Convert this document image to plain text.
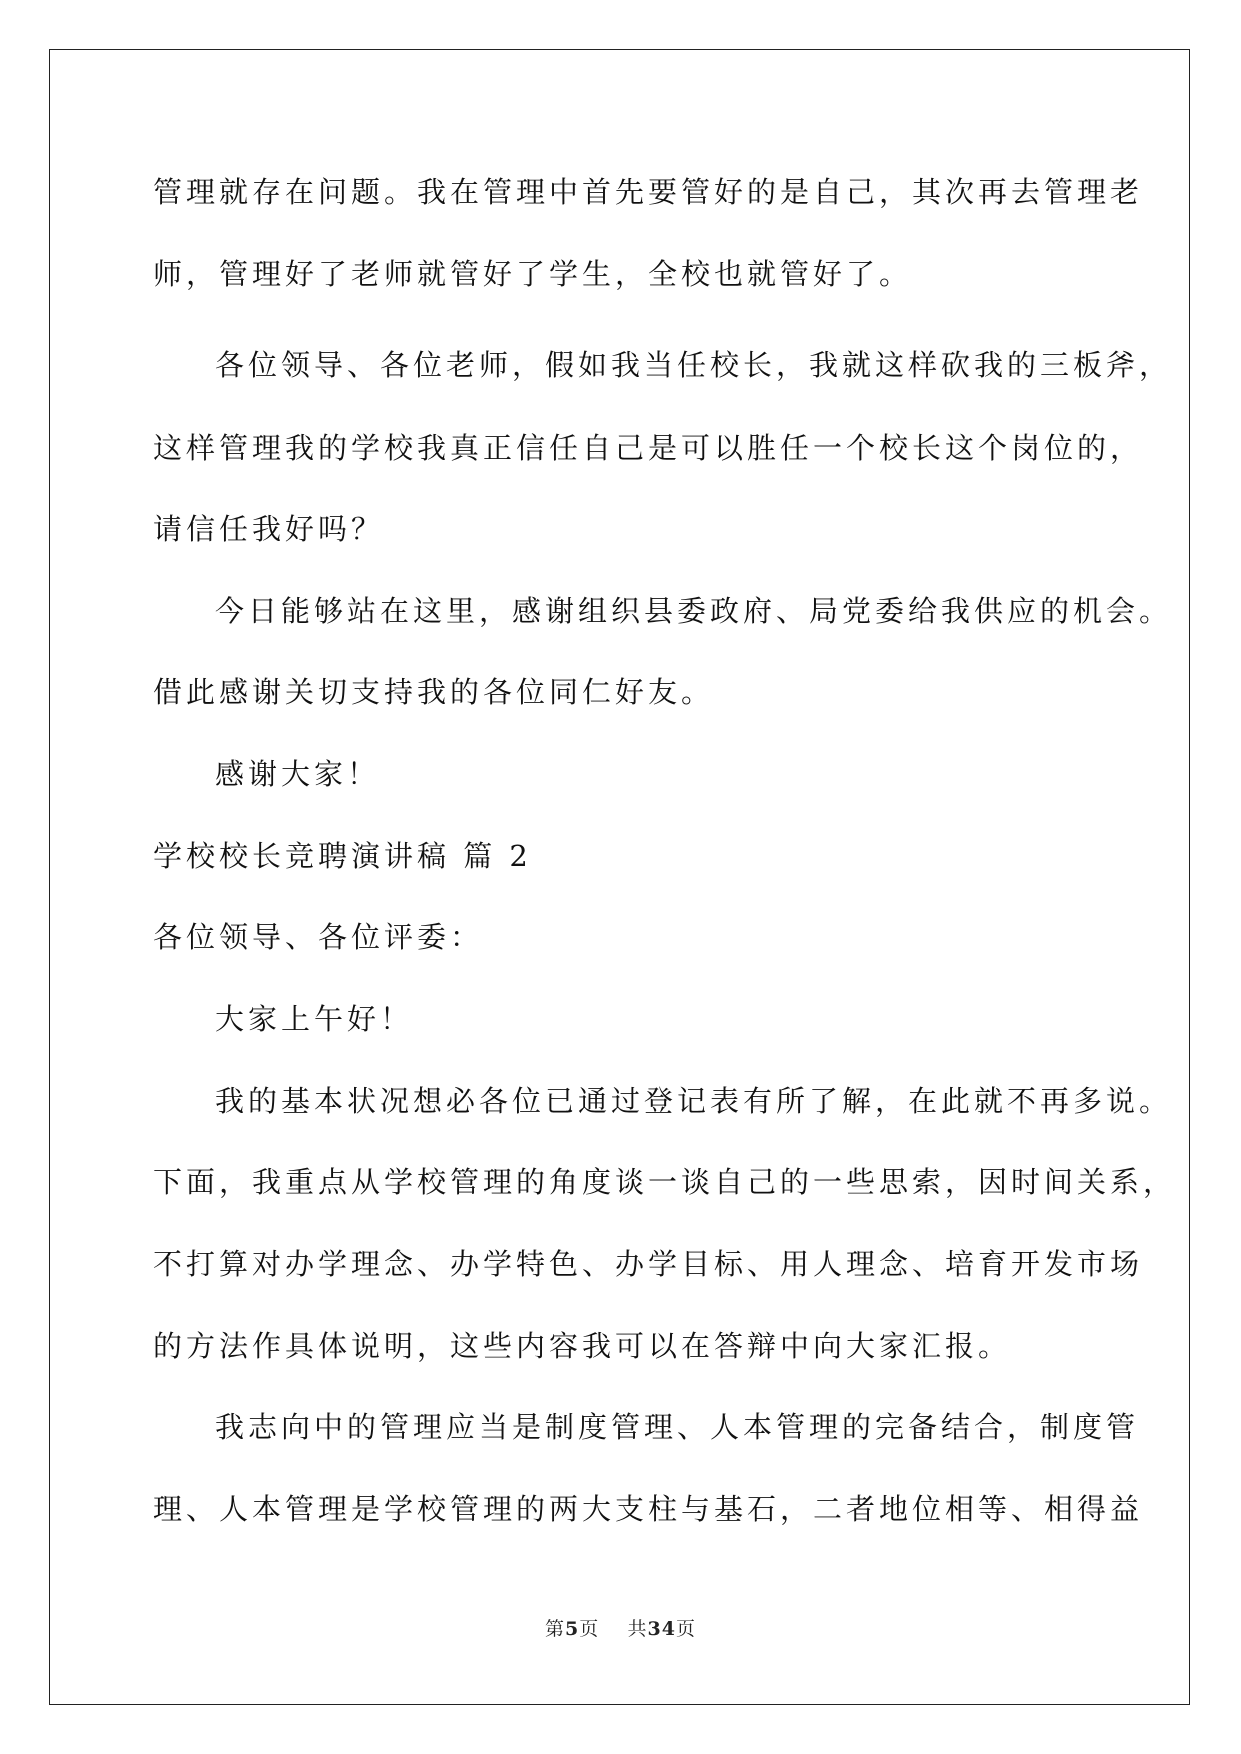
管理就存在问题。我在管理中首先要管好的是自己，其次再去管理老
师，管理好了老师就管好了学生，全校也就管好了。
各位领导、各位老师，假如我当任校长，我就这样砍我的三板斧，
这样管理我的学校我真正信任自己是可以胜任一个校长这个岗位的，
请信任我好吗？
今日能够站在这里，感谢组织县委政府、局党委给我供应的机会。
借此感谢关切支持我的各位同仁好友。
感谢大家！
学校校长竞聘演讲稿 篇 2
各位领导、各位评委：
大家上午好！
我的基本状况想必各位已通过登记表有所了解，在此就不再多说。
下面，我重点从学校管理的角度谈一谈自己的一些思索，因时间关系，
不打算对办学理念、办学特色、办学目标、用人理念、培育开发市场
的方法作具体说明，这些内容我可以在答辩中向大家汇报。
我志向中的管理应当是制度管理、人本管理的完备结合，制度管
理、人本管理是学校管理的两大支柱与基石，二者地位相等、相得益
第5页 共34页
